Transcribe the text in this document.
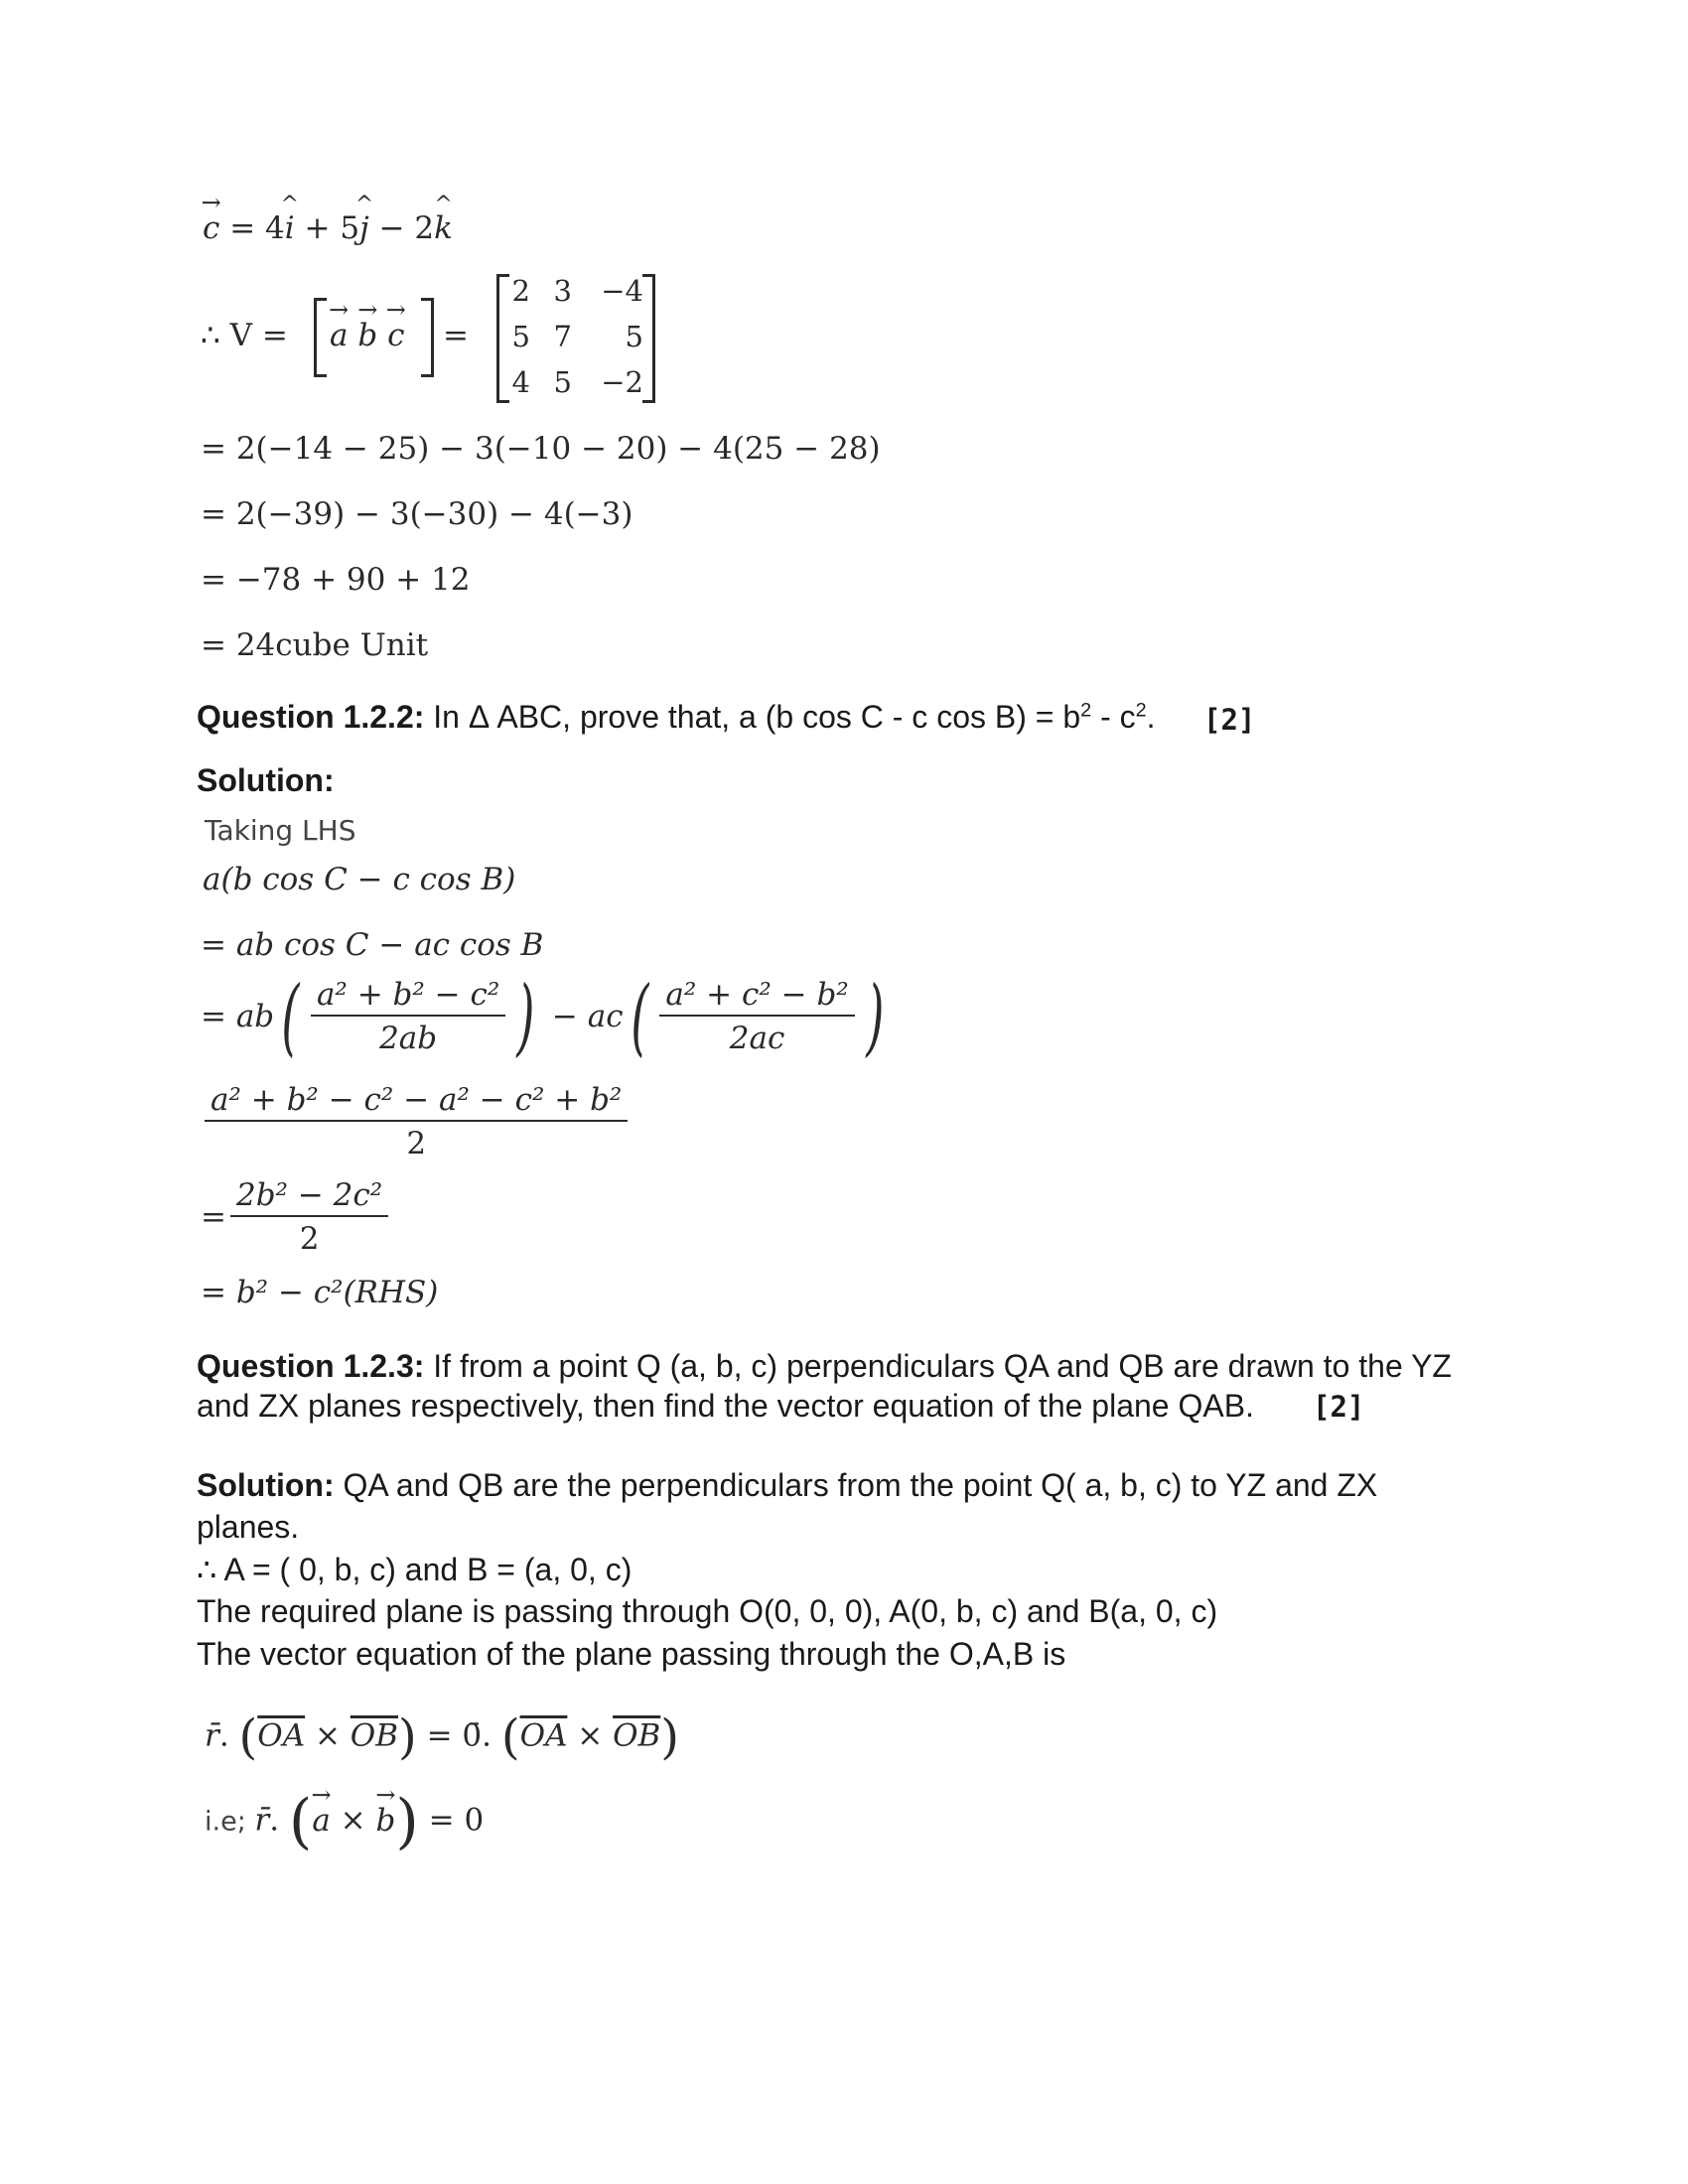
→ c = 4^ i + 5^ j − 2^ k
∴ V = → a → b → c =
2 3	−4
5 7	5
4 5	−2
= 2(−14 − 25) − 3(−10 − 20) − 4(25 − 28)
= 2(−39) − 3(−30) − 4(−3)
= −78 + 90 + 12
= 24cube Unit
Question 1.2.2: In Δ ABC, prove that, a (b cos C - c $\cos B) = b^2 - c^2$. [2]
Solution:
Taking LHS
a(b cos C − c cos B)
= ab cos C − ac cos B
= $ab( \frac{\text{a² + b² − c²}}{2ab}$ ) − $ac( \frac{\text{a² + c² − b²}}{2ac}$ )
$\frac{\text{a² + b² − c² − a² − c² + b²}}{2}$
= $\frac{\text{2b² − 2c²}}{2}$
= b² − c²(RHS)
Question 1.2.3: If from a point Q (a, b, c) perpendiculars QA and QB are drawn to the YZ
and ZX planes respectively, then find the vector equation of the plane QAB. [2]
Solution: QA and QB are the perpendiculars from the point Q( a, b, c) to YZ and ZX
planes.
∴ A = ( 0, b, c) and B = (a, 0, c)
The required plane is passing through O(0, 0, 0), A(0, b, c) and B(a, 0, c)
The vector equation of the plane passing through the O,A,B is
r̄. $(\overline{OA} \times \overline{OB})$ = 0̄. $(\overline{OA} \times \overline{OB})$
i.e; r̄. (→ a × → b) = 0
